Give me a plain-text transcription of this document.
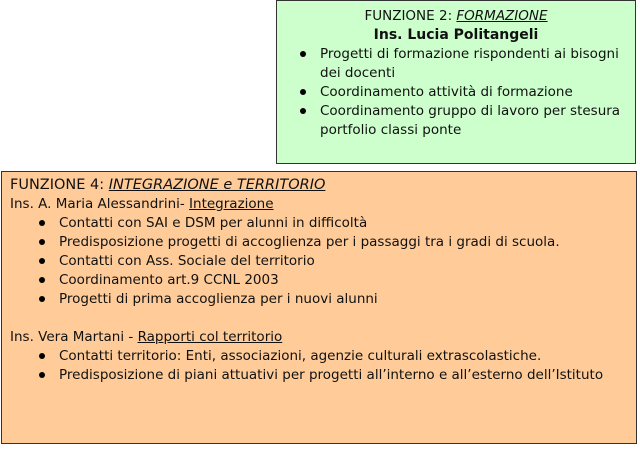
FUNZIONE 2: FORMAZIONE

Ins. Lucia Politangeli

Progetti di formazione rispondenti ai bisogni dei docenti
Coordinamento attività di formazione
Coordinamento gruppo di lavoro per stesura portfolio classi ponte

FUNZIONE 4: INTEGRAZIONE e TERRITORIO

Ins. A. Maria Alessandrini- Integrazione

Contatti con SAI e DSM per alunni in difficoltà
Predisposizione progetti di accoglienza per i passaggi tra i gradi di scuola.
Contatti con Ass. Sociale del territorio
Coordinamento art.9 CCNL 2003
Progetti di prima accoglienza per i nuovi alunni

Ins. Vera Martani - Rapporti col territorio

Contatti territorio: Enti, associazioni, agenzie culturali extrascolastiche.
Predisposizione di piani attuativi per progetti all’interno e all’esterno dell’Istituto
